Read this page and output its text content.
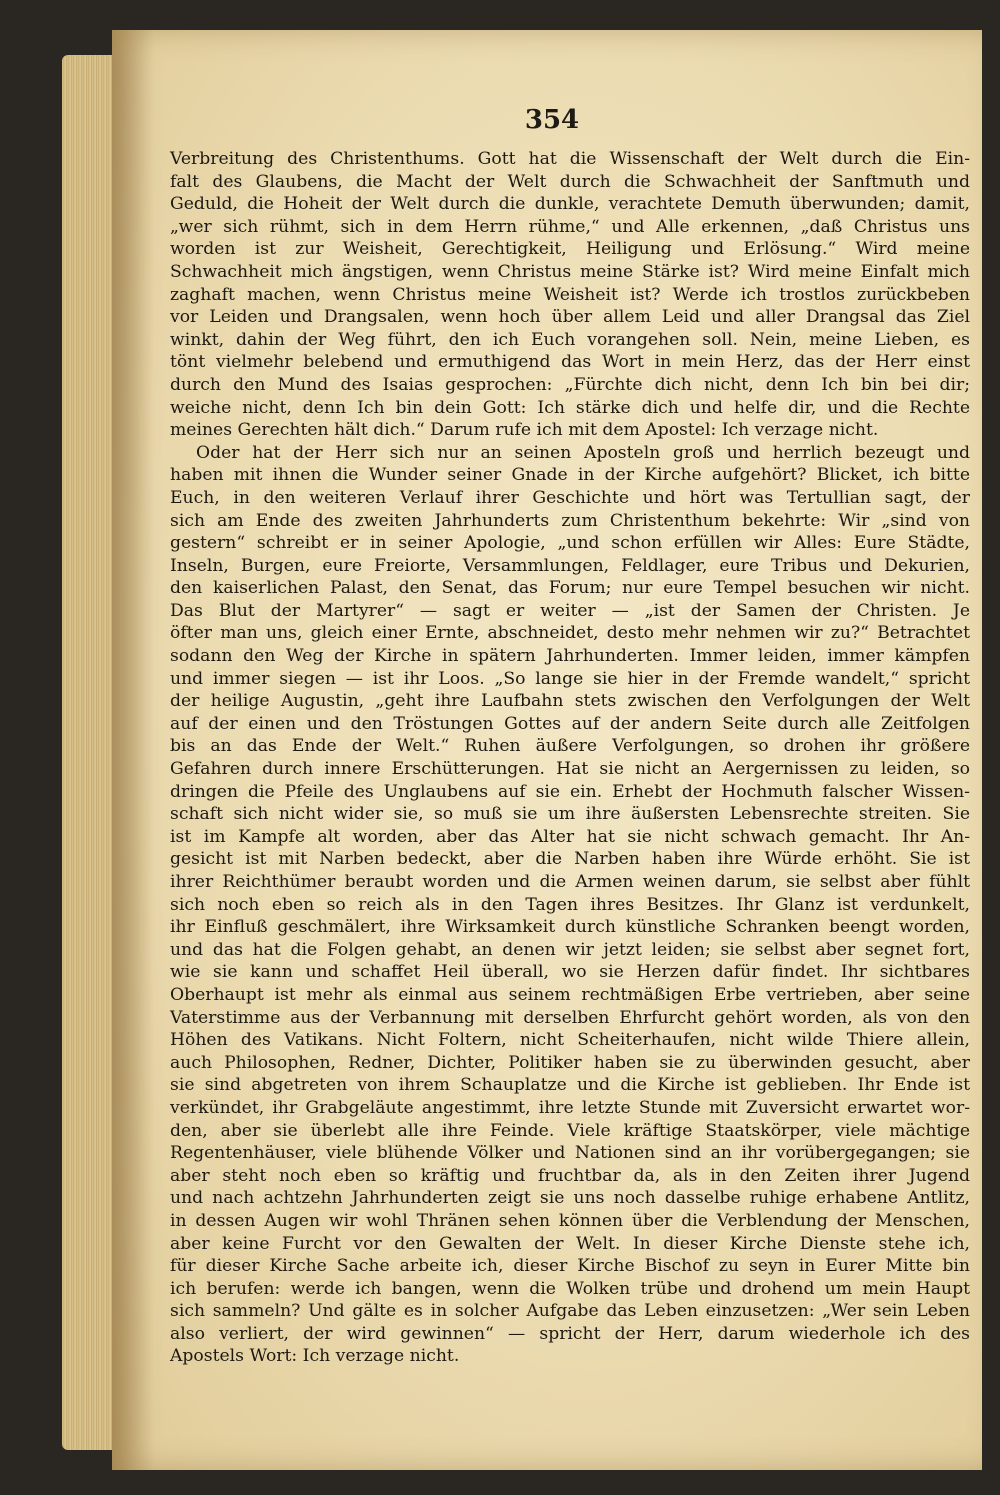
354
Verbreitung des Christenthums. Gott hat die Wissenschaft der Welt durch die Ein-
falt des Glaubens, die Macht der Welt durch die Schwachheit der Sanftmuth und
Geduld, die Hoheit der Welt durch die dunkle, verachtete Demuth überwunden; damit,
„wer sich rühmt, sich in dem Herrn rühme,“ und Alle erkennen, „daß Christus uns
worden ist zur Weisheit, Gerechtigkeit, Heiligung und Erlösung.“ Wird meine
Schwachheit mich ängstigen, wenn Christus meine Stärke ist? Wird meine Einfalt mich
zaghaft machen, wenn Christus meine Weisheit ist? Werde ich trostlos zurückbeben
vor Leiden und Drangsalen, wenn hoch über allem Leid und aller Drangsal das Ziel
winkt, dahin der Weg führt, den ich Euch vorangehen soll. Nein, meine Lieben, es
tönt vielmehr belebend und ermuthigend das Wort in mein Herz, das der Herr einst
durch den Mund des Isaias gesprochen: „Fürchte dich nicht, denn Ich bin bei dir;
weiche nicht, denn Ich bin dein Gott: Ich stärke dich und helfe dir, und die Rechte
meines Gerechten hält dich.“ Darum rufe ich mit dem Apostel: Ich verzage nicht.
Oder hat der Herr sich nur an seinen Aposteln groß und herrlich bezeugt und
haben mit ihnen die Wunder seiner Gnade in der Kirche aufgehört? Blicket, ich bitte
Euch, in den weiteren Verlauf ihrer Geschichte und hört was Tertullian sagt, der
sich am Ende des zweiten Jahrhunderts zum Christenthum bekehrte: Wir „sind von
gestern“ schreibt er in seiner Apologie, „und schon erfüllen wir Alles: Eure Städte,
Inseln, Burgen, eure Freiorte, Versammlungen, Feldlager, eure Tribus und Dekurien,
den kaiserlichen Palast, den Senat, das Forum; nur eure Tempel besuchen wir nicht.
Das Blut der Martyrer“ — sagt er weiter — „ist der Samen der Christen. Je
öfter man uns, gleich einer Ernte, abschneidet, desto mehr nehmen wir zu?“ Betrachtet
sodann den Weg der Kirche in spätern Jahrhunderten. Immer leiden, immer kämpfen
und immer siegen — ist ihr Loos. „So lange sie hier in der Fremde wandelt,“ spricht
der heilige Augustin, „geht ihre Laufbahn stets zwischen den Verfolgungen der Welt
auf der einen und den Tröstungen Gottes auf der andern Seite durch alle Zeitfolgen
bis an das Ende der Welt.“ Ruhen äußere Verfolgungen, so drohen ihr größere
Gefahren durch innere Erschütterungen. Hat sie nicht an Aergernissen zu leiden, so
dringen die Pfeile des Unglaubens auf sie ein. Erhebt der Hochmuth falscher Wissen-
schaft sich nicht wider sie, so muß sie um ihre äußersten Lebensrechte streiten. Sie
ist im Kampfe alt worden, aber das Alter hat sie nicht schwach gemacht. Ihr An-
gesicht ist mit Narben bedeckt, aber die Narben haben ihre Würde erhöht. Sie ist
ihrer Reichthümer beraubt worden und die Armen weinen darum, sie selbst aber fühlt
sich noch eben so reich als in den Tagen ihres Besitzes. Ihr Glanz ist verdunkelt,
ihr Einfluß geschmälert, ihre Wirksamkeit durch künstliche Schranken beengt worden,
und das hat die Folgen gehabt, an denen wir jetzt leiden; sie selbst aber segnet fort,
wie sie kann und schaffet Heil überall, wo sie Herzen dafür findet. Ihr sichtbares
Oberhaupt ist mehr als einmal aus seinem rechtmäßigen Erbe vertrieben, aber seine
Vaterstimme aus der Verbannung mit derselben Ehrfurcht gehört worden, als von den
Höhen des Vatikans. Nicht Foltern, nicht Scheiterhaufen, nicht wilde Thiere allein,
auch Philosophen, Redner, Dichter, Politiker haben sie zu überwinden gesucht, aber
sie sind abgetreten von ihrem Schauplatze und die Kirche ist geblieben. Ihr Ende ist
verkündet, ihr Grabgeläute angestimmt, ihre letzte Stunde mit Zuversicht erwartet wor-
den, aber sie überlebt alle ihre Feinde. Viele kräftige Staatskörper, viele mächtige
Regentenhäuser, viele blühende Völker und Nationen sind an ihr vorübergegangen; sie
aber steht noch eben so kräftig und fruchtbar da, als in den Zeiten ihrer Jugend
und nach achtzehn Jahrhunderten zeigt sie uns noch dasselbe ruhige erhabene Antlitz,
in dessen Augen wir wohl Thränen sehen können über die Verblendung der Menschen,
aber keine Furcht vor den Gewalten der Welt. In dieser Kirche Dienste stehe ich,
für dieser Kirche Sache arbeite ich, dieser Kirche Bischof zu seyn in Eurer Mitte bin
ich berufen: werde ich bangen, wenn die Wolken trübe und drohend um mein Haupt
sich sammeln? Und gälte es in solcher Aufgabe das Leben einzusetzen: „Wer sein Leben
also verliert, der wird gewinnen“ — spricht der Herr, darum wiederhole ich des
Apostels Wort: Ich verzage nicht.
